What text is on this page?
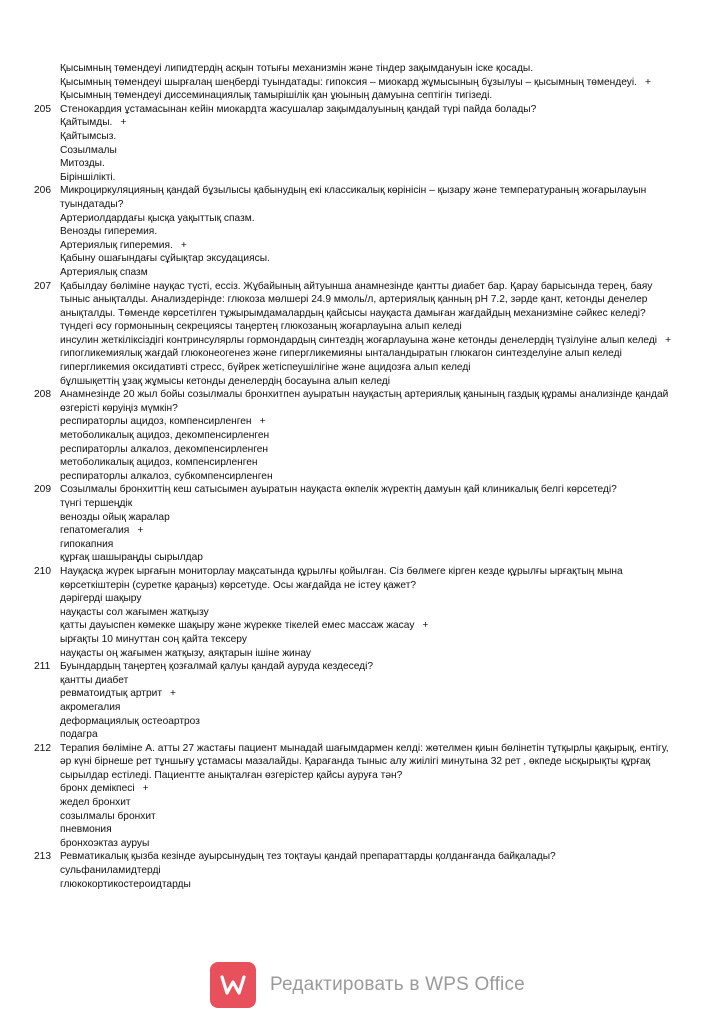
Қысымның төмендеуі липидтердің асқын тотығы механизмін және тіндер зақымдануын іске қосады.
Қысымның төмендеуі шырғалаң шеңберді туындатады: гипоксия – миокард жұмысының бұзылуы – қысымның төмендеуі. +
Қысымның төмендеуі диссеминациялық тамырішілік қан ұюының дамуына септігін тигізеді.
205 Стенокардия ұстамасынан кейін миокардта жасушалар зақымдалуының қандай түрі пайда болады?
Қайтымды. +
Қайтымсыз.
Созылмалы
Митозды.
Біріншілікті.
206 Микроциркуляцияның қандай бұзылысы қабынудың екі классикалық көрінісін – қызару және температураның жоғарылауын туындатады?
Артериолдардағы қысқа уақыттық спазм.
Венозды гиперемия.
Артериялық гиперемия. +
Қабыну ошағындағы сұйықтар эксудациясы.
Артериялық спазм
207 Қабылдау бөліміне науқас түсті, ессіз. Жұбайының айтуынша анамнезінде қантты диабет бар. Қарау барысында терең, баяу тыныс анықталды. Анализдерінде: глюкоза мөлшері 24.9 ммоль/л, артериялық қанның рН 7.2, зәрде қант, кетонды денелер анықталды. Төменде көрсетілген тұжырымдамалардың қайсысы науқаста дамыған жағдайдың механизміне сәйкес келеді?
түндегі өсу гормонының секрециясы таңертең глюкозаның жоғарлауына алып келеді
инсулин жеткіліксіздігі контринсулярлы гормондардың синтездің жоғарлауына және кетонды денелердің түзілуіне алып келеді +
гипогликемиялық жағдай глюконеогенез және гипергликемияны ынталандыратын глюкагон синтезделуіне алып келеді
гипергликемия оксидативті стресс, бүйрек жетіспеушілігіне және ацидозға алып келеді
бұлшықеттің ұзақ жұмысы кетонды денелердің босауына алып келеді
208 Анамнезінде 20 жыл бойы созылмалы бронхитпен ауыратын науқастың артериялық қанының газдық құрамы анализінде қандай өзгерісті көруіңіз мүмкін?
респираторлы ацидоз, компенсирленген +
метоболикалық ацидоз, декомпенсирленген
респираторлы алкалоз, декомпенсирленген
метоболикалық ацидоз, компенсирленген
респираторлы алкалоз, субкомпенсирленген
209 Созылмалы бронхиттің кеш сатысымен ауыратын науқаста өкпелік жүректің дамуын қай клиникалық белгі көрсетеді?
түнгі тершеңдік
венозды ойық жаралар
гепатомегалия +
гипокапния
құрғақ шашыраңды сырылдар
210 Науқасқа жүрек ырғағын мониторлау мақсатында құрылғы қойылған. Сіз бөлмеге кірген кезде құрылғы ырғақтың мына көрсеткіштерін (суретке қараңыз) көрсетуде. Осы жағдайда не істеу қажет?
дәрігерді шақыру
науқасты сол жағымен жатқызу
қатты дауыспен көмекке шақыру және жүрекке тікелей емес массаж жасау +
ырғақты 10 минуттан соң қайта тексеру
науқасты оң жағымен жатқызу, аяқтарын ішіне жинау
211 Буындардың таңертең қозғалмай қалуы қандай ауруда кездеседі?
қантты диабет
ревматоидтық артрит +
акромегалия
деформациялық остеоартроз
подагра
212 Терапия бөліміне А. атты 27 жастағы пациент мынадай шағымдармен келді: жөтелмен қиын бөлінетін тұтқырлы қақырық, ентігу, әр күні бірнеше рет тұншығу ұстамасы мазалайды. Қарағанда тыныс алу жиілігі минутына 32 рет , өкпеде ысқырықты құрғақ сырылдар естіледі. Пациентте анықталған өзгерістер қайсы ауруға тән?
бронх демікпесі +
жедел бронхит
созылмалы бронхит
пневмония
бронхоэктаз ауруы
213 Ревматикалық қызба кезінде ауырсынудың тез тоқтауы қандай препараттарды қолданғанда байқалады?
сульфаниламидтерді
глюкокортикостероидтарды
Редактировать в WPS Office
